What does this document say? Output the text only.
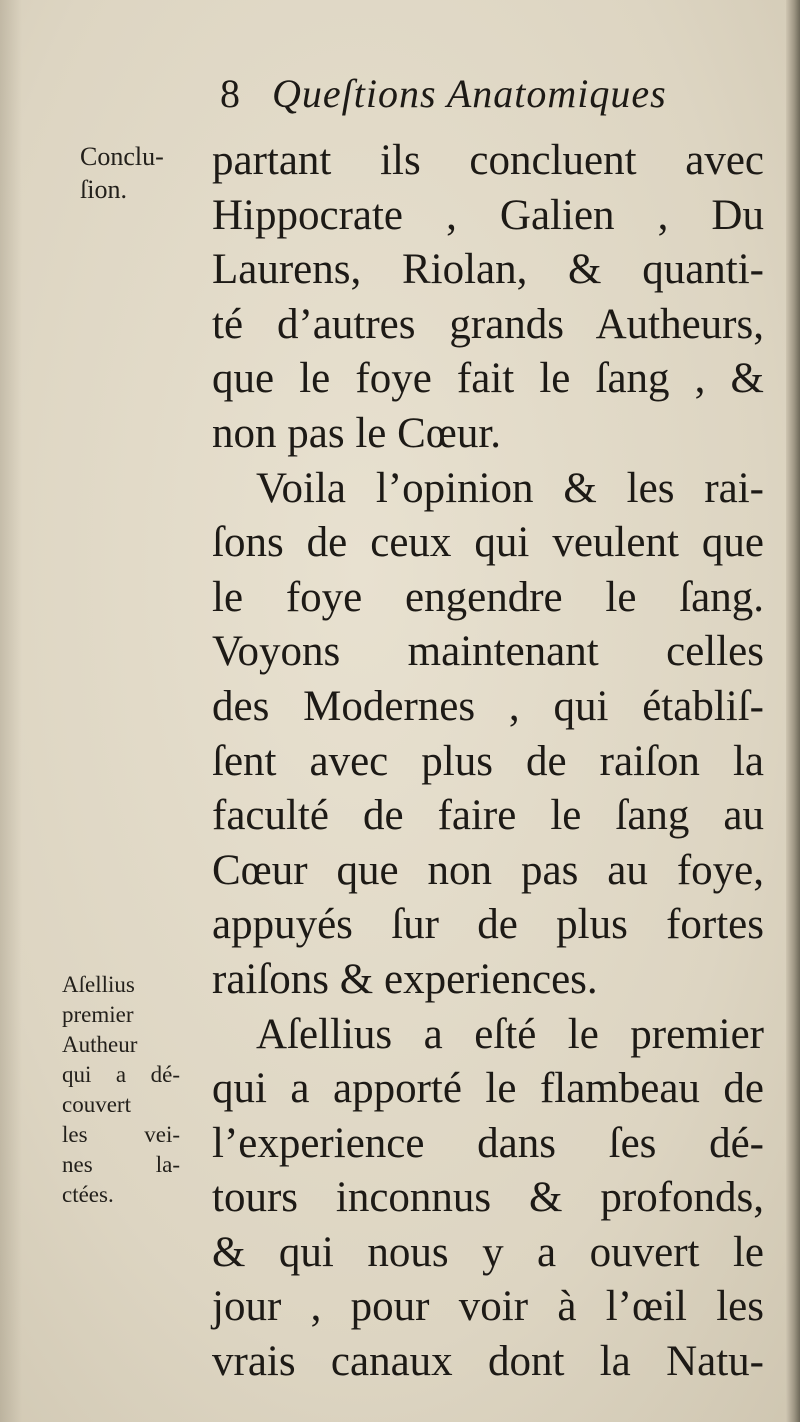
8 Queſtions Anatomiques
Conclu-
ſion.
Aſellius
premier
Autheur
qui a dé-
couvert
les vei-
nes la-
ctées.
partant ils concluent avec
Hippocrate , Galien , Du
Laurens, Riolan, & quanti-
té d’autres grands Autheurs,
que le foye fait le ſang , &
non pas le Cœur.
Voila l’opinion & les rai-
ſons de ceux qui veulent que
le foye engendre le ſang.
Voyons maintenant celles
des Modernes , qui établiſ-
ſent avec plus de raiſon la
faculté de faire le ſang au
Cœur que non pas au foye,
appuyés ſur de plus fortes
raiſons & experiences.
Aſellius a eſté le premier
qui a apporté le flambeau de
l’experience dans ſes dé-
tours inconnus & profonds,
& qui nous y a ouvert le
jour , pour voir à l’œil les
vrais canaux dont la Natu-
